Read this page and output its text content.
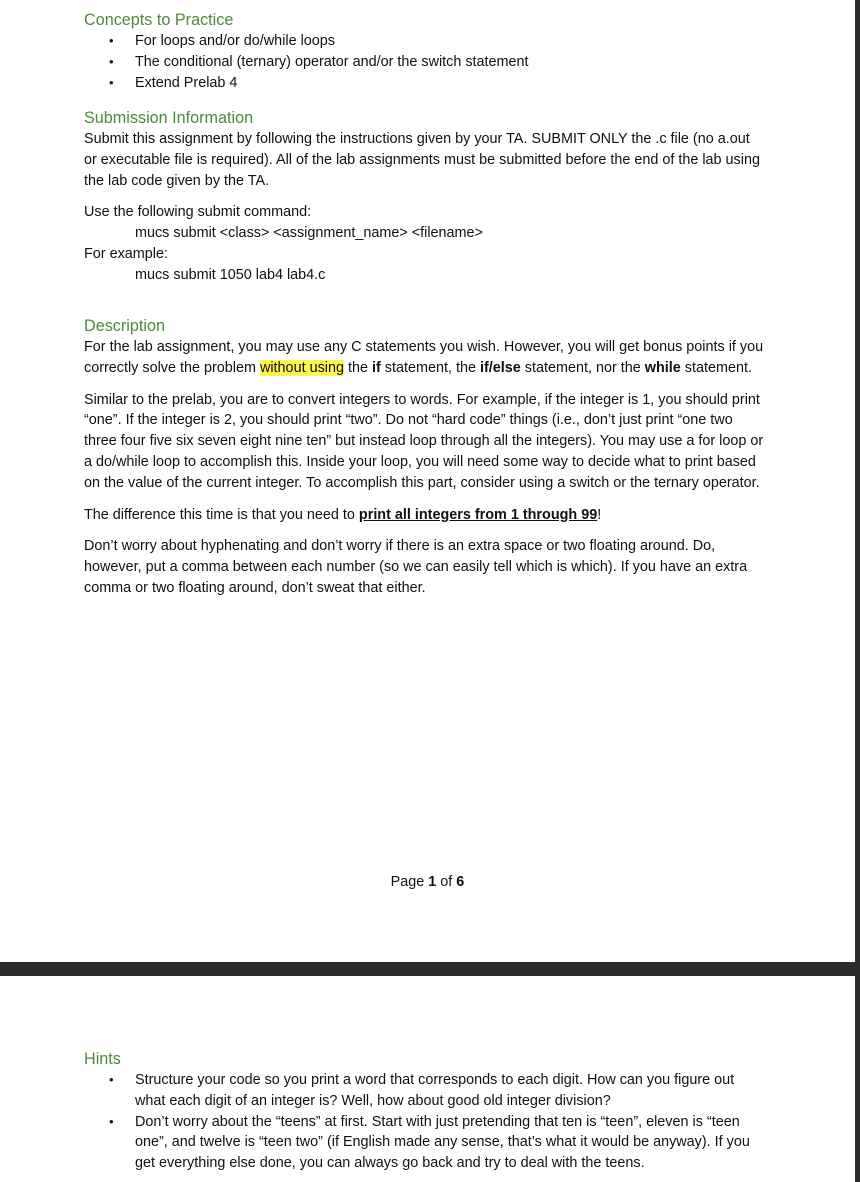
Concepts to Practice
• For loops and/or do/while loops
• The conditional (ternary) operator and/or the switch statement
• Extend Prelab 4
Submission Information

Submit this assignment by following the instructions given by your TA. SUBMIT ONLY the .c file (no a.out or executable file is required). All of the lab assignments must be submitted before the end of the lab using the lab code given by the TA.

Use the following submit command:

mucs submit <class> <assignment_name> <filename>

For example:

mucs submit 1050 lab4 lab4.c

Description

For the lab assignment, you may use any C statements you wish. However, you will get bonus points if you correctly solve the problem without using the if statement, the if/else statement, nor the while statement.

Similar to the prelab, you are to convert integers to words. For example, if the integer is 1, you should print “one”. If the integer is 2, you should print “two”. Do not “hard code” things (i.e., don’t just print “one two three four five six seven eight nine ten” but instead loop through all the integers). You may use a for loop or a do/while loop to accomplish this. Inside your loop, you will need some way to decide what to print based on the value of the current integer. To accomplish this part, consider using a switch or the ternary operator.

The difference this time is that you need to print all integers from 1 through 99!

Don’t worry about hyphenating and don’t worry if there is an extra space or two floating around. Do, however, put a comma between each number (so we can easily tell which is which). If you have an extra comma or two floating around, don’t sweat that either.

Page 1 of 6
Hints
• Structure your code so you print a word that corresponds to each digit. How can you figure out what each digit of an integer is? Well, how about good old integer division?
• Don’t worry about the “teens” at first. Start with just pretending that ten is “teen”, eleven is “teen one”, and twelve is “teen two” (if English made any sense, that’s what it would be anyway). If you get everything else done, you can always go back and try to deal with the teens.
